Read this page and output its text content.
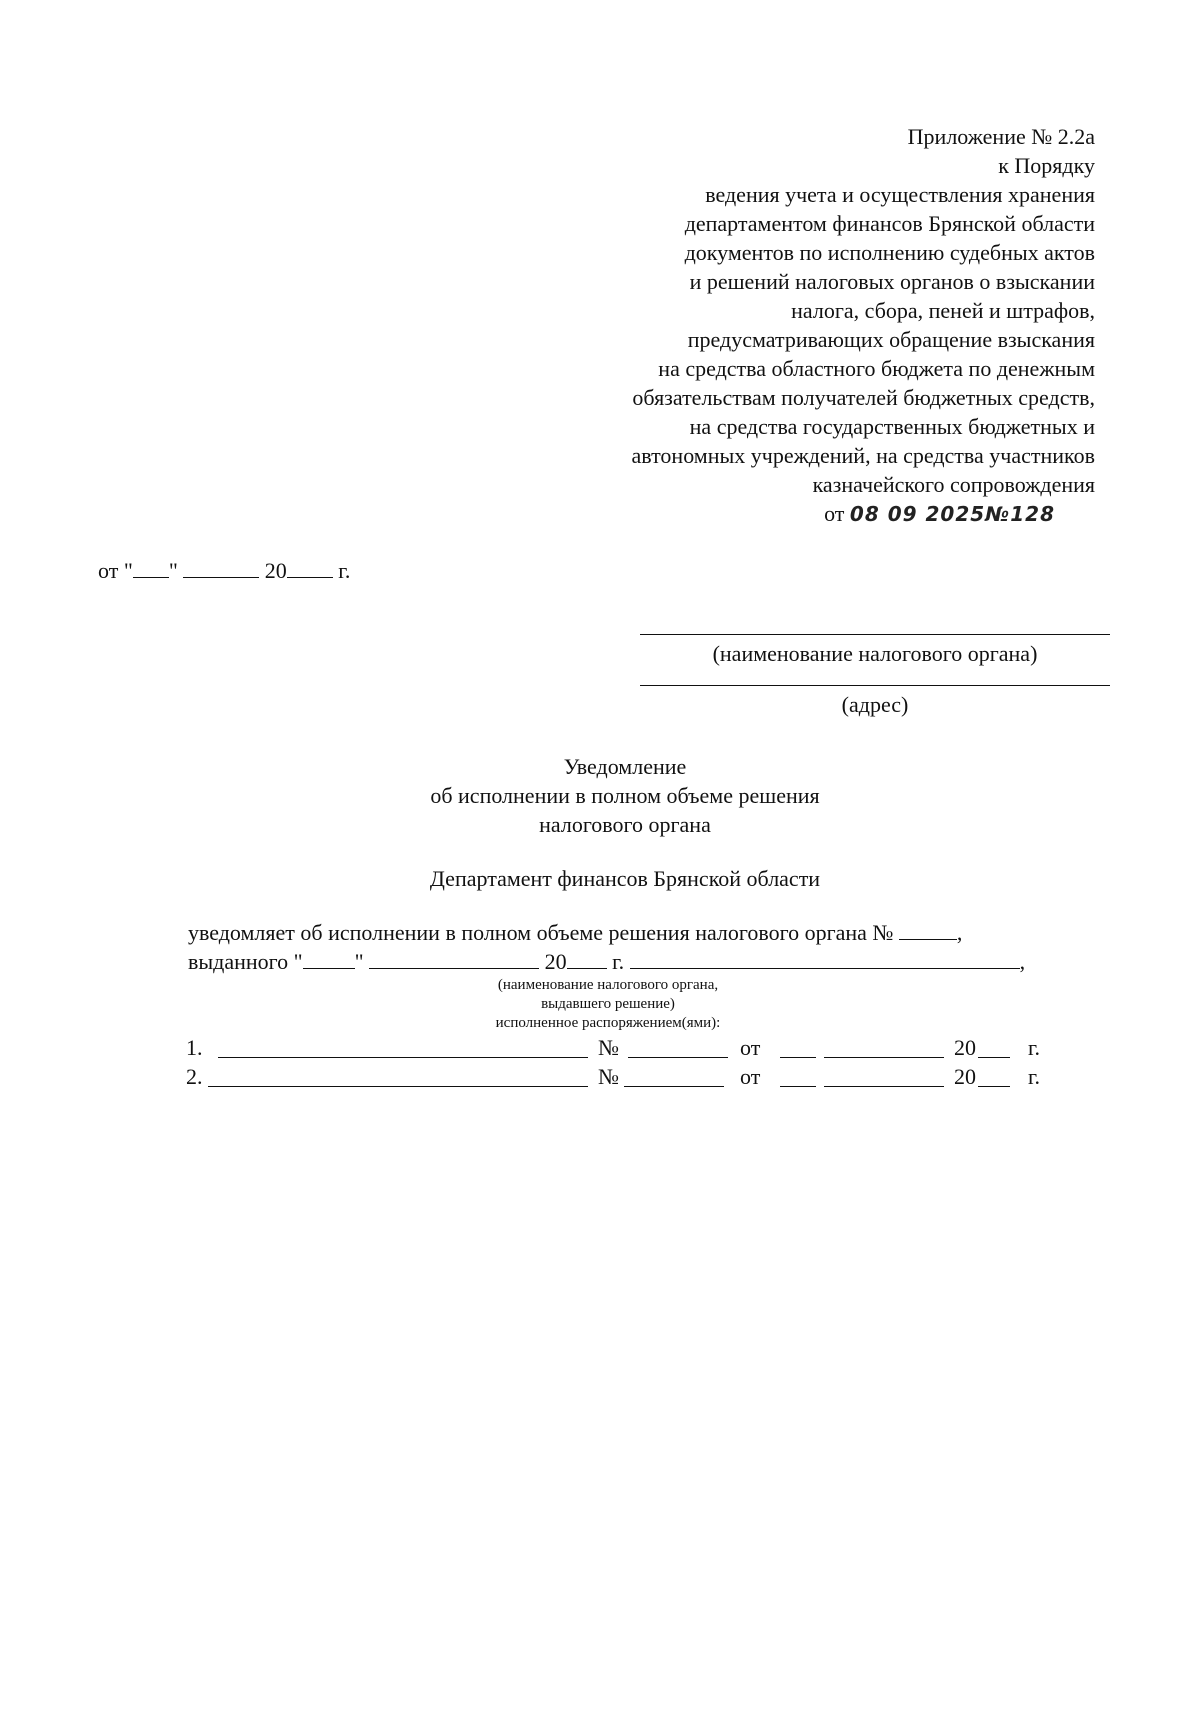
Приложение № 2.2а
к Порядку
ведения учета и осуществления хранения
департаментом финансов Брянской области
документов по исполнению судебных актов
и решений налоговых органов о взыскании
налога, сбора, пеней и штрафов,
предусматривающих обращение взыскания
на средства областного бюджета по денежным
обязательствам получателей бюджетных средств,
на средства государственных бюджетных и
автономных учреждений, на средства участников
казначейского сопровождения
от 08 09 2025№128
от " "	20 г.
(наименование налогового органа)
(адрес)
Уведомление
об исполнении в полном объеме решения
налогового органа
Департамент финансов Брянской области
уведомляет об исполнении в полном объеме решения налогового органа №	,
выданного " "	20 г.	,
(наименование налогового органа,
выдавшего решение)
исполненное распоряжением(ями):
1.	№	от	20 г.
2.	№	от	20 г.
